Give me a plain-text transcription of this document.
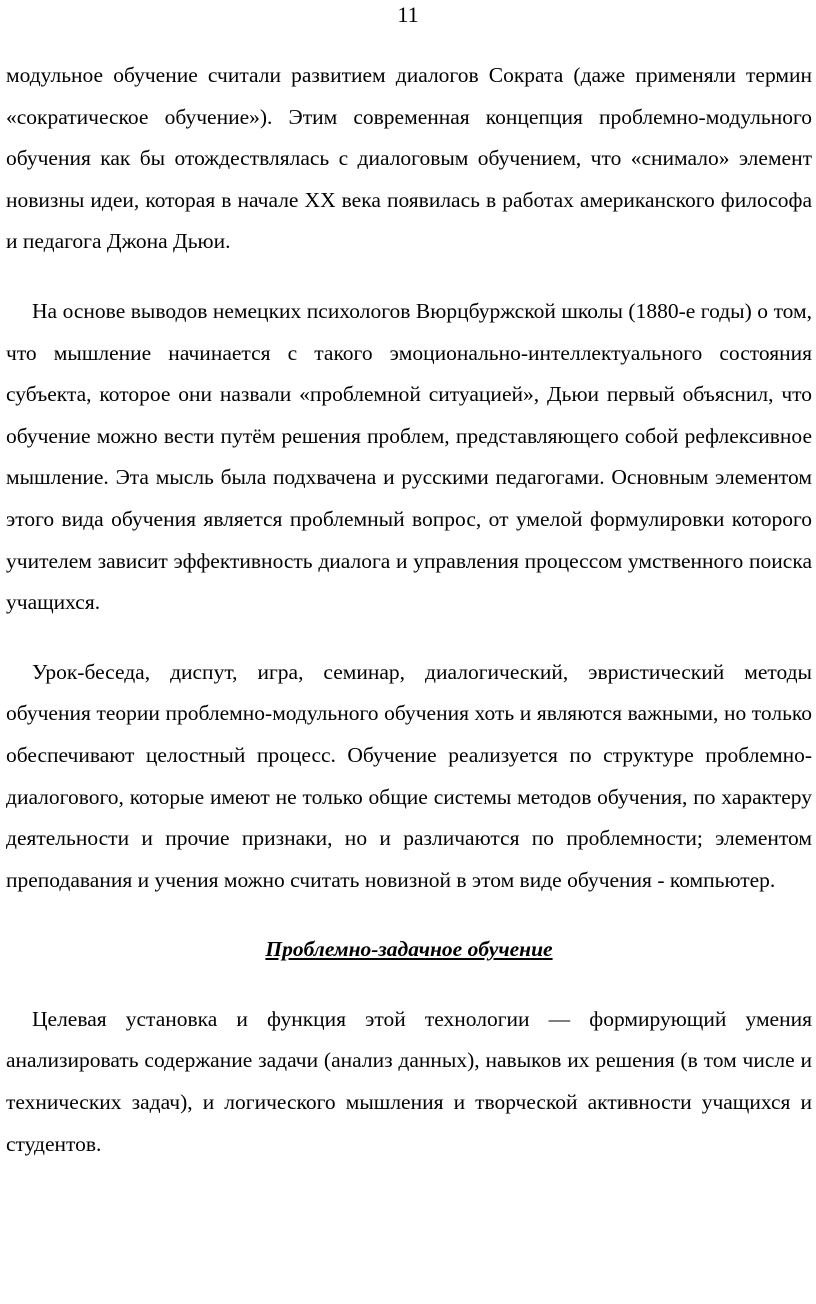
11

модульное обучение считали развитием диалогов Сократа (даже применяли термин «сократическое обучение»). Этим современная концепция проблемно-модульного обучения как бы отождествлялась с диалоговым обучением, что «снимало» элемент новизны идеи, которая в начале XX века появилась в работах американского философа и педагога Джона Дьюи.

На основе выводов немецких психологов Вюрцбуржской школы (1880-е годы) о том, что мышление начинается с такого эмоционально-интеллектуального состояния субъекта, которое они назвали «проблемной ситуацией», Дьюи первый объяснил, что обучение можно вести путём решения проблем, представляющего собой рефлексивное мышление. Эта мысль была подхвачена и русскими педагогами. Основным элементом этого вида обучения является проблемный вопрос, от умелой формулировки которого учителем зависит эффективность диалога и управления процессом умственного поиска учащихся.

Урок-беседа, диспут, игра, семинар, диалогический, эвристический методы обучения теории проблемно-модульного обучения хоть и являются важными, но только обеспечивают целостный процесс. Обучение реализуется по структуре проблемно-диалогового, которые имеют не только общие системы методов обучения, по характеру деятельности и прочие признаки, но и различаются по проблемности; элементом преподавания и учения можно считать новизной в этом виде обучения - компьютер.

Проблемно-задачное обучение

Целевая установка и функция этой технологии — формирующий умения анализировать содержание задачи (анализ данных), навыков их решения (в том числе и технических задач), и логического мышления и творческой активности учащихся и студентов.
